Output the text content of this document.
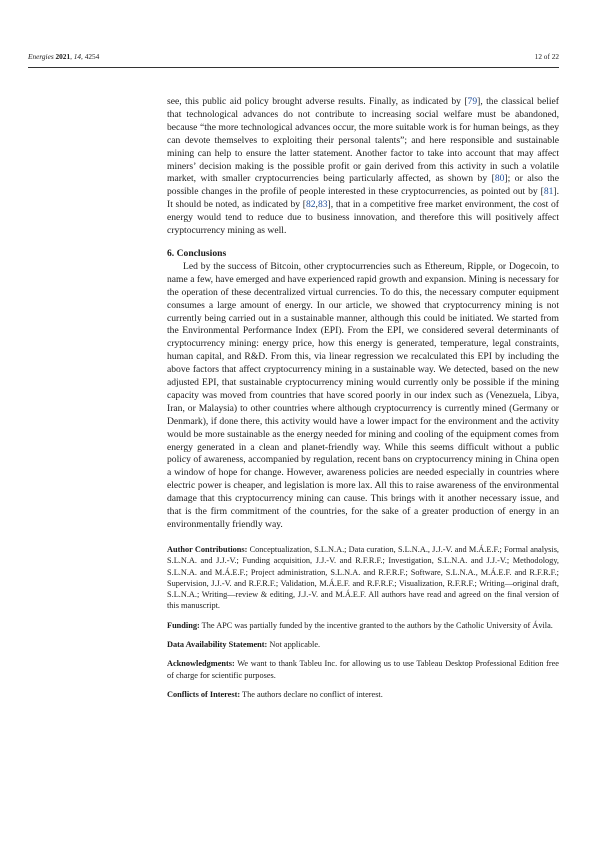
Energies 2021, 14, 4254	12 of 22

see, this public aid policy brought adverse results. Finally, as indicated by [79], the classical belief that technological advances do not contribute to increasing social welfare must be abandoned, because “the more technological advances occur, the more suitable work is for human beings, as they can devote themselves to exploiting their personal talents”; and here responsible and sustainable mining can help to ensure the latter statement. Another factor to take into account that may affect miners’ decision making is the possible profit or gain derived from this activity in such a volatile market, with smaller cryptocurrencies being particularly affected, as shown by [80]; or also the possible changes in the profile of people interested in these cryptocurrencies, as pointed out by [81]. It should be noted, as indicated by [82,83], that in a competitive free market environment, the cost of energy would tend to reduce due to business innovation, and therefore this will positively affect cryptocurrency mining as well.

6. Conclusions

Led by the success of Bitcoin, other cryptocurrencies such as Ethereum, Ripple, or Dogecoin, to name a few, have emerged and have experienced rapid growth and expansion. Mining is necessary for the operation of these decentralized virtual currencies. To do this, the necessary computer equipment consumes a large amount of energy. In our article, we showed that cryptocurrency mining is not currently being carried out in a sustainable manner, although this could be initiated. We started from the Environmental Performance Index (EPI). From the EPI, we considered several determinants of cryptocurrency mining: energy price, how this energy is generated, temperature, legal constraints, human capital, and R&D. From this, via linear regression we recalculated this EPI by including the above factors that affect cryptocurrency mining in a sustainable way. We detected, based on the new adjusted EPI, that sustainable cryptocurrency mining would currently only be possible if the mining capacity was moved from countries that have scored poorly in our index such as (Venezuela, Libya, Iran, or Malaysia) to other countries where although cryptocurrency is currently mined (Germany or Denmark), if done there, this activity would have a lower impact for the environment and the activity would be more sustainable as the energy needed for mining and cooling of the equipment comes from energy generated in a clean and planet-friendly way. While this seems difficult without a public policy of awareness, accompanied by regulation, recent bans on cryptocurrency mining in China open a window of hope for change. However, awareness policies are needed especially in countries where electric power is cheaper, and legislation is more lax. All this to raise awareness of the environmental damage that this cryptocurrency mining can cause. This brings with it another necessary issue, and that is the firm commitment of the countries, for the sake of a greater production of energy in an environmentally friendly way.

Author Contributions: Conceptualization, S.L.N.A.; Data curation, S.L.N.A., J.J.-V. and M.Á.E.F.; Formal analysis, S.L.N.A. and J.J.-V.; Funding acquisition, J.J.-V. and R.F.R.F.; Investigation, S.L.N.A. and J.J.-V.; Methodology, S.L.N.A. and M.Á.E.F.; Project administration, S.L.N.A. and R.F.R.F.; Software, S.L.N.A., M.Á.E.F. and R.F.R.F.; Supervision, J.J.-V. and R.F.R.F.; Validation, M.Á.E.F. and R.F.R.F.; Visualization, R.F.R.F.; Writing—original draft, S.L.N.A.; Writing—review & editing, J.J.-V. and M.Á.E.F. All authors have read and agreed on the final version of this manuscript.

Funding: The APC was partially funded by the incentive granted to the authors by the Catholic University of Ávila.

Data Availability Statement: Not applicable.

Acknowledgments: We want to thank Tableu Inc. for allowing us to use Tableau Desktop Professional Edition free of charge for scientific purposes.

Conflicts of Interest: The authors declare no conflict of interest.
